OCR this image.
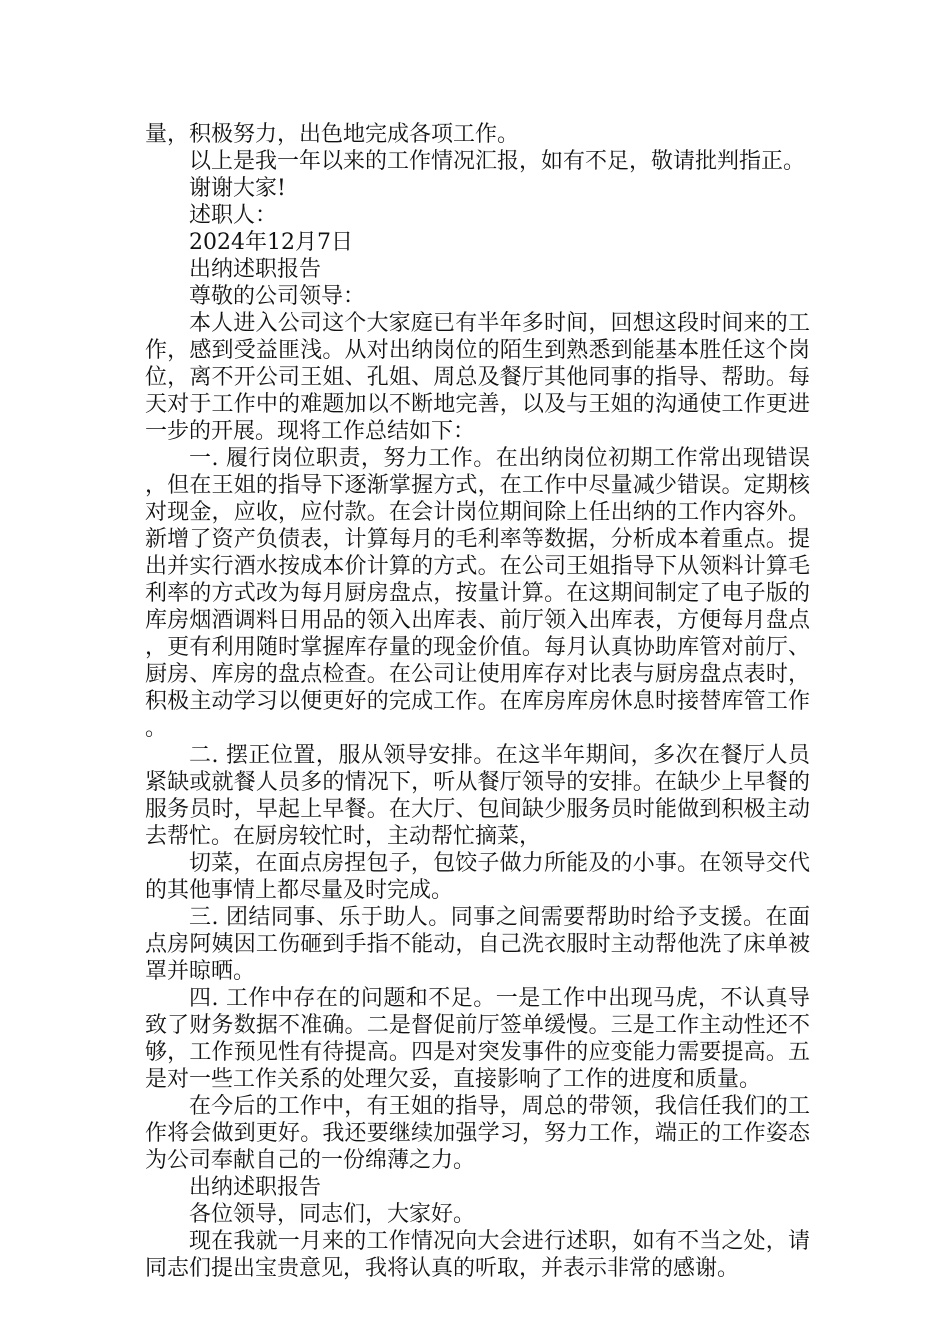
量，积极努力，出色地完成各项工作。

以上是我一年以来的工作情况汇报，如有不足，敬请批判指正。

谢谢大家!

述职人：

2024年12月7日

出纳述职报告

尊敬的公司领导：

本人进入公司这个大家庭已有半年多时间，回想这段时间来的工作，感到受益匪浅。从对出纳岗位的陌生到熟悉到能基本胜任这个岗位，离不开公司王姐、孔姐、周总及餐厅其他同事的指导、帮助。每天对于工作中的难题加以不断地完善，以及与王姐的沟通使工作更进一步的开展。现将工作总结如下：

一. 履行岗位职责，努力工作。在出纳岗位初期工作常出现错误，但在王姐的指导下逐渐掌握方式，在工作中尽量减少错误。定期核对现金，应收，应付款。在会计岗位期间除上任出纳的工作内容外。新增了资产负债表，计算每月的毛利率等数据，分析成本着重点。提出并实行酒水按成本价计算的方式。在公司王姐指导下从领料计算毛利率的方式改为每月厨房盘点，按量计算。在这期间制定了电子版的库房烟酒调料日用品的领入出库表、前厅领入出库表，方便每月盘点，更有利用随时掌握库存量的现金价值。每月认真协助库管对前厅、厨房、库房的盘点检查。在公司让使用库存对比表与厨房盘点表时，积极主动学习以便更好的完成工作。在库房库房休息时接替库管工作。

二. 摆正位置，服从领导安排。在这半年期间，多次在餐厅人员紧缺或就餐人员多的情况下，听从餐厅领导的安排。在缺少上早餐的服务员时，早起上早餐。在大厅、包间缺少服务员时能做到积极主动去帮忙。在厨房较忙时，主动帮忙摘菜，

切菜，在面点房捏包子，包饺子做力所能及的小事。在领导交代的其他事情上都尽量及时完成。

三. 团结同事、乐于助人。同事之间需要帮助时给予支援。在面点房阿姨因工伤砸到手指不能动，自己洗衣服时主动帮他洗了床单被罩并晾晒。

四. 工作中存在的问题和不足。一是工作中出现马虎，不认真导致了财务数据不准确。二是督促前厅签单缓慢。三是工作主动性还不够，工作预见性有待提高。四是对突发事件的应变能力需要提高。五是对一些工作关系的处理欠妥，直接影响了工作的进度和质量。

在今后的工作中，有王姐的指导，周总的带领，我信任我们的工作将会做到更好。我还要继续加强学习，努力工作，端正的工作姿态为公司奉献自己的一份绵薄之力。

出纳述职报告

各位领导，同志们，大家好。

现在我就一月来的工作情况向大会进行述职，如有不当之处，请同志们提出宝贵意见，我将认真的听取，并表示非常的感谢。
